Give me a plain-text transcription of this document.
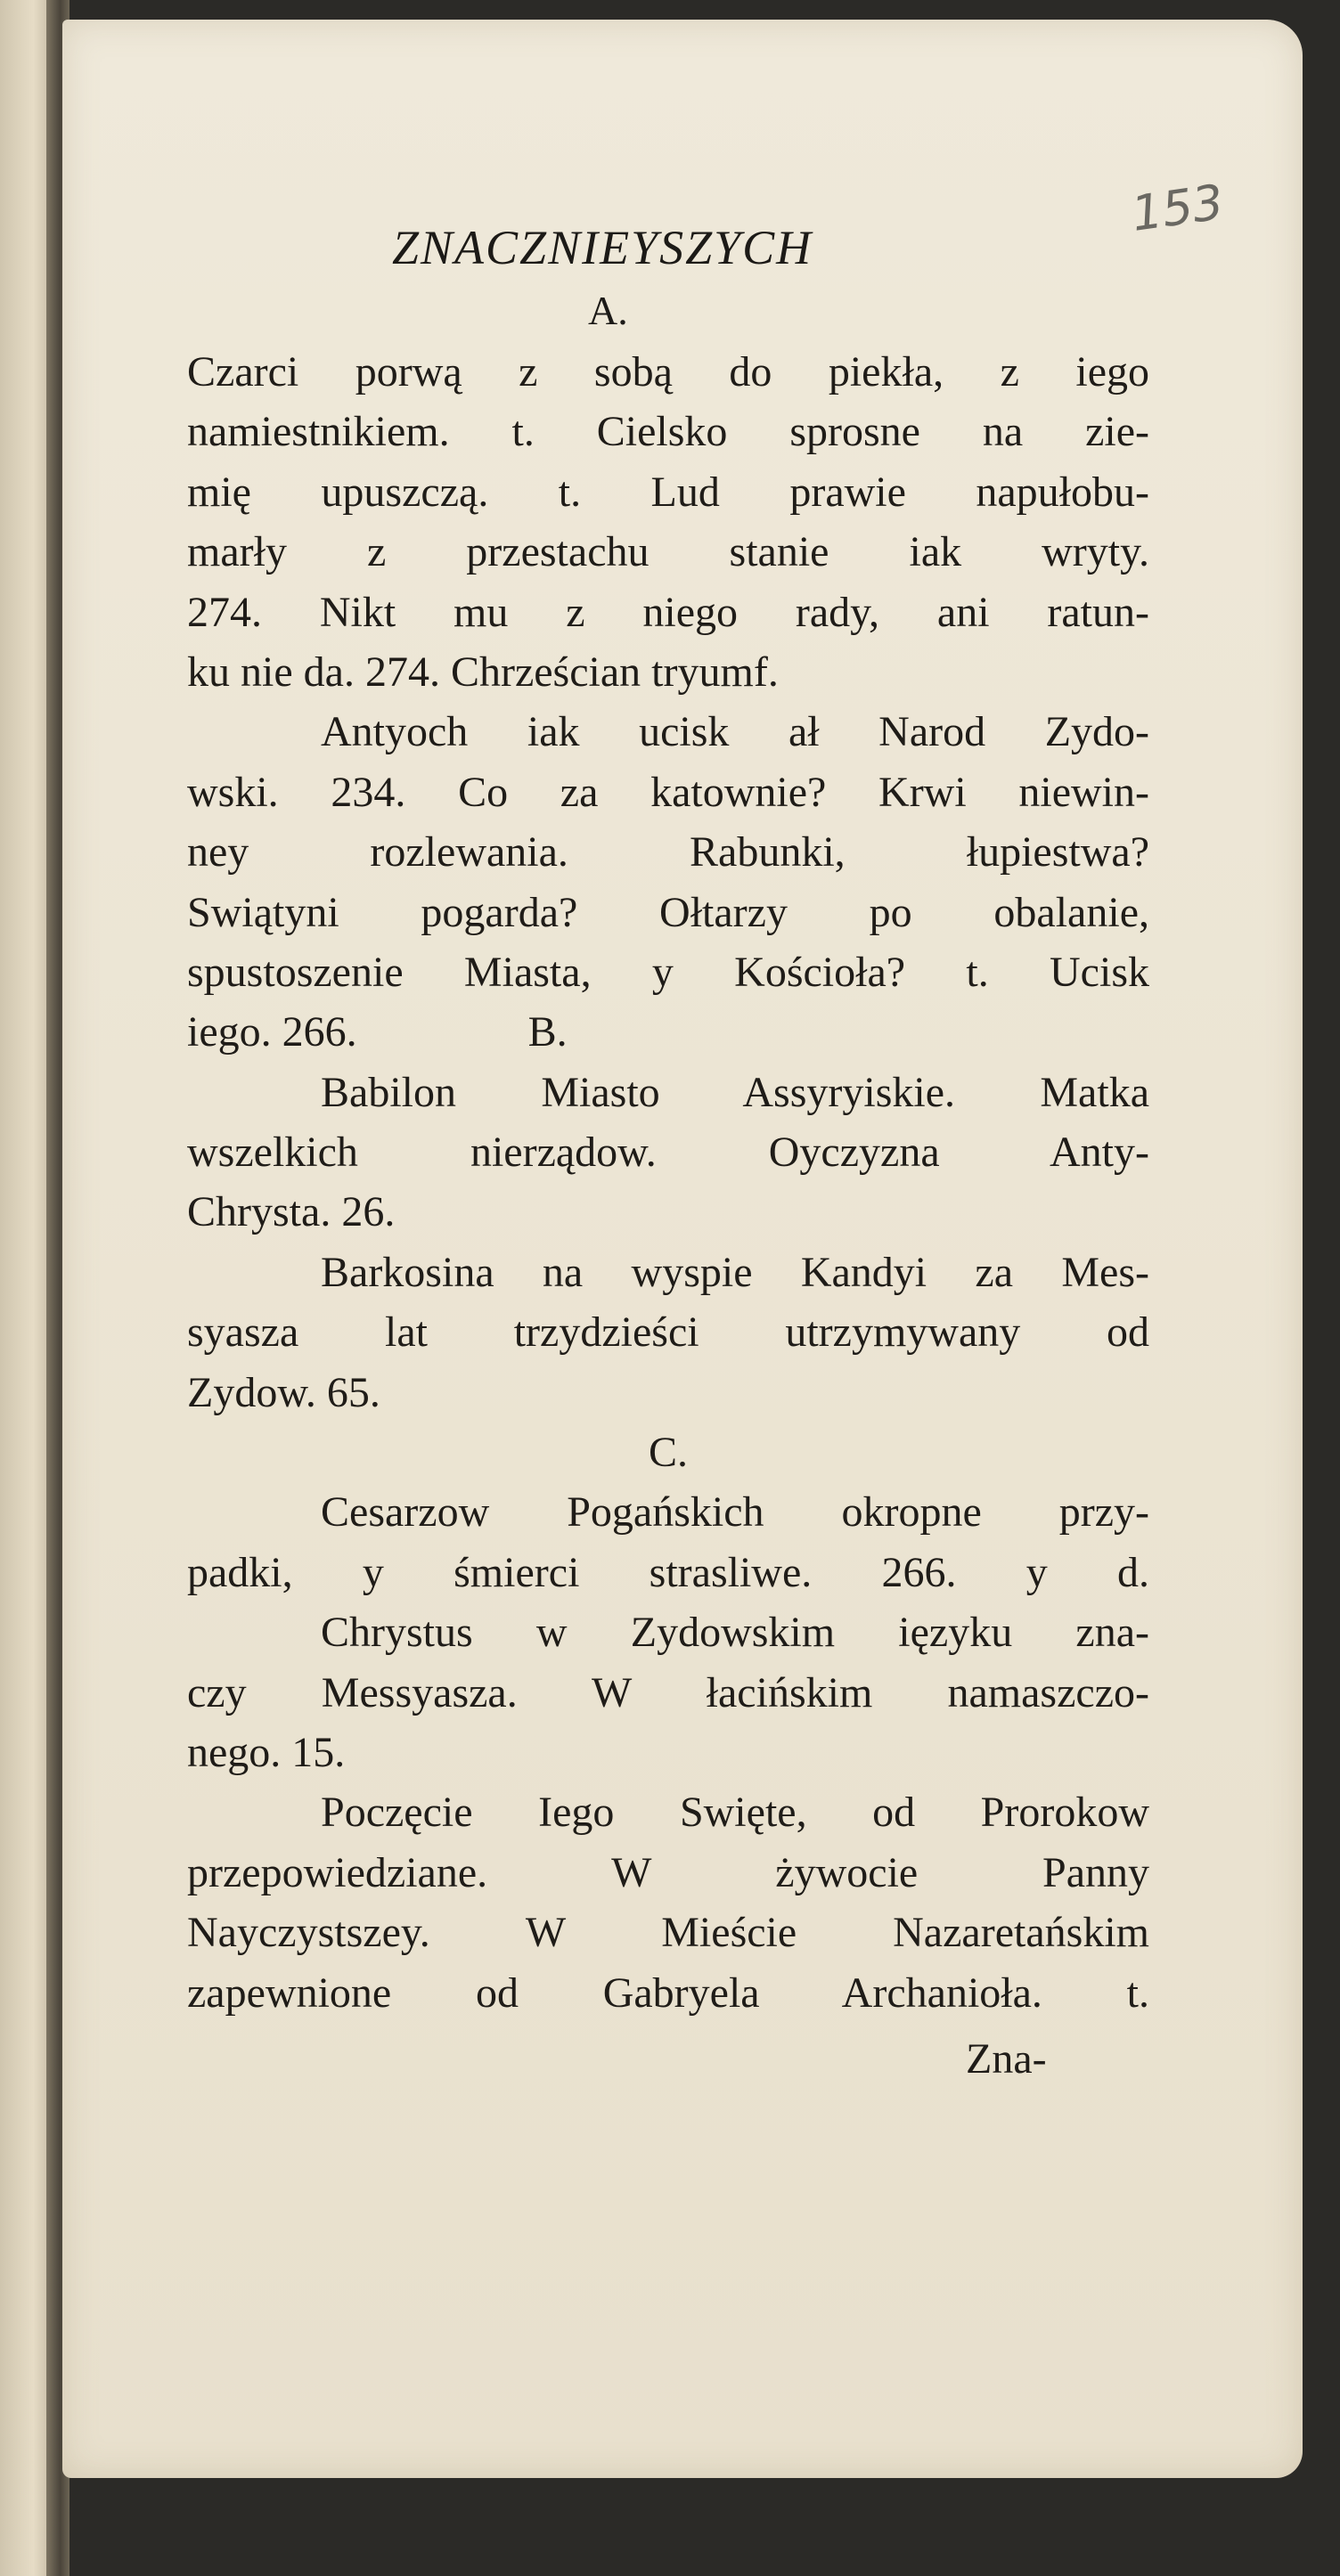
153
ZNACZNIEYSZYCH
A.
Czarci porwą z sobą do piekła, z iego
namiestnikiem. t. Cielsko sprosne na zie-
mię upuszczą. t. Lud prawie napułobu-
marły z przestachu stanie iak wryty.
274. Nikt mu z niego rady, ani ratun-
ku nie da. 274. Chrześcian tryumf.
Antyoch iak ucisk ał Narod Zydo-
wski. 234. Co za katownie? Krwi niewin-
ney rozlewania. Rabunki, łupiestwa?
Swiątyni pogarda? Ołtarzy po obalanie,
spustoszenie Miasta, y Kościoła? t. Ucisk
iego. 266.                B.
Babilon Miasto Assyryiskie. Matka
wszelkich nierządow. Oyczyzna Anty-
Chrysta. 26.
Barkosina na wyspie Kandyi za Mes-
syasza lat trzydzieści utrzymywany od
Zydow. 65.
C.
Cesarzow Pogańskich okropne przy-
padki, y śmierci strasliwe. 266. y d.
Chrystus w Zydowskim ięzyku zna-
czy Messyasza. W łacińskim namaszczo-
nego. 15.
Poczęcie Iego Swięte, od Prorokow
przepowiedziane. W żywocie Panny
Nayczystszey. W Mieście Nazaretańskim
zapewnione od Gabryela Archanioła. t.
Zna-
